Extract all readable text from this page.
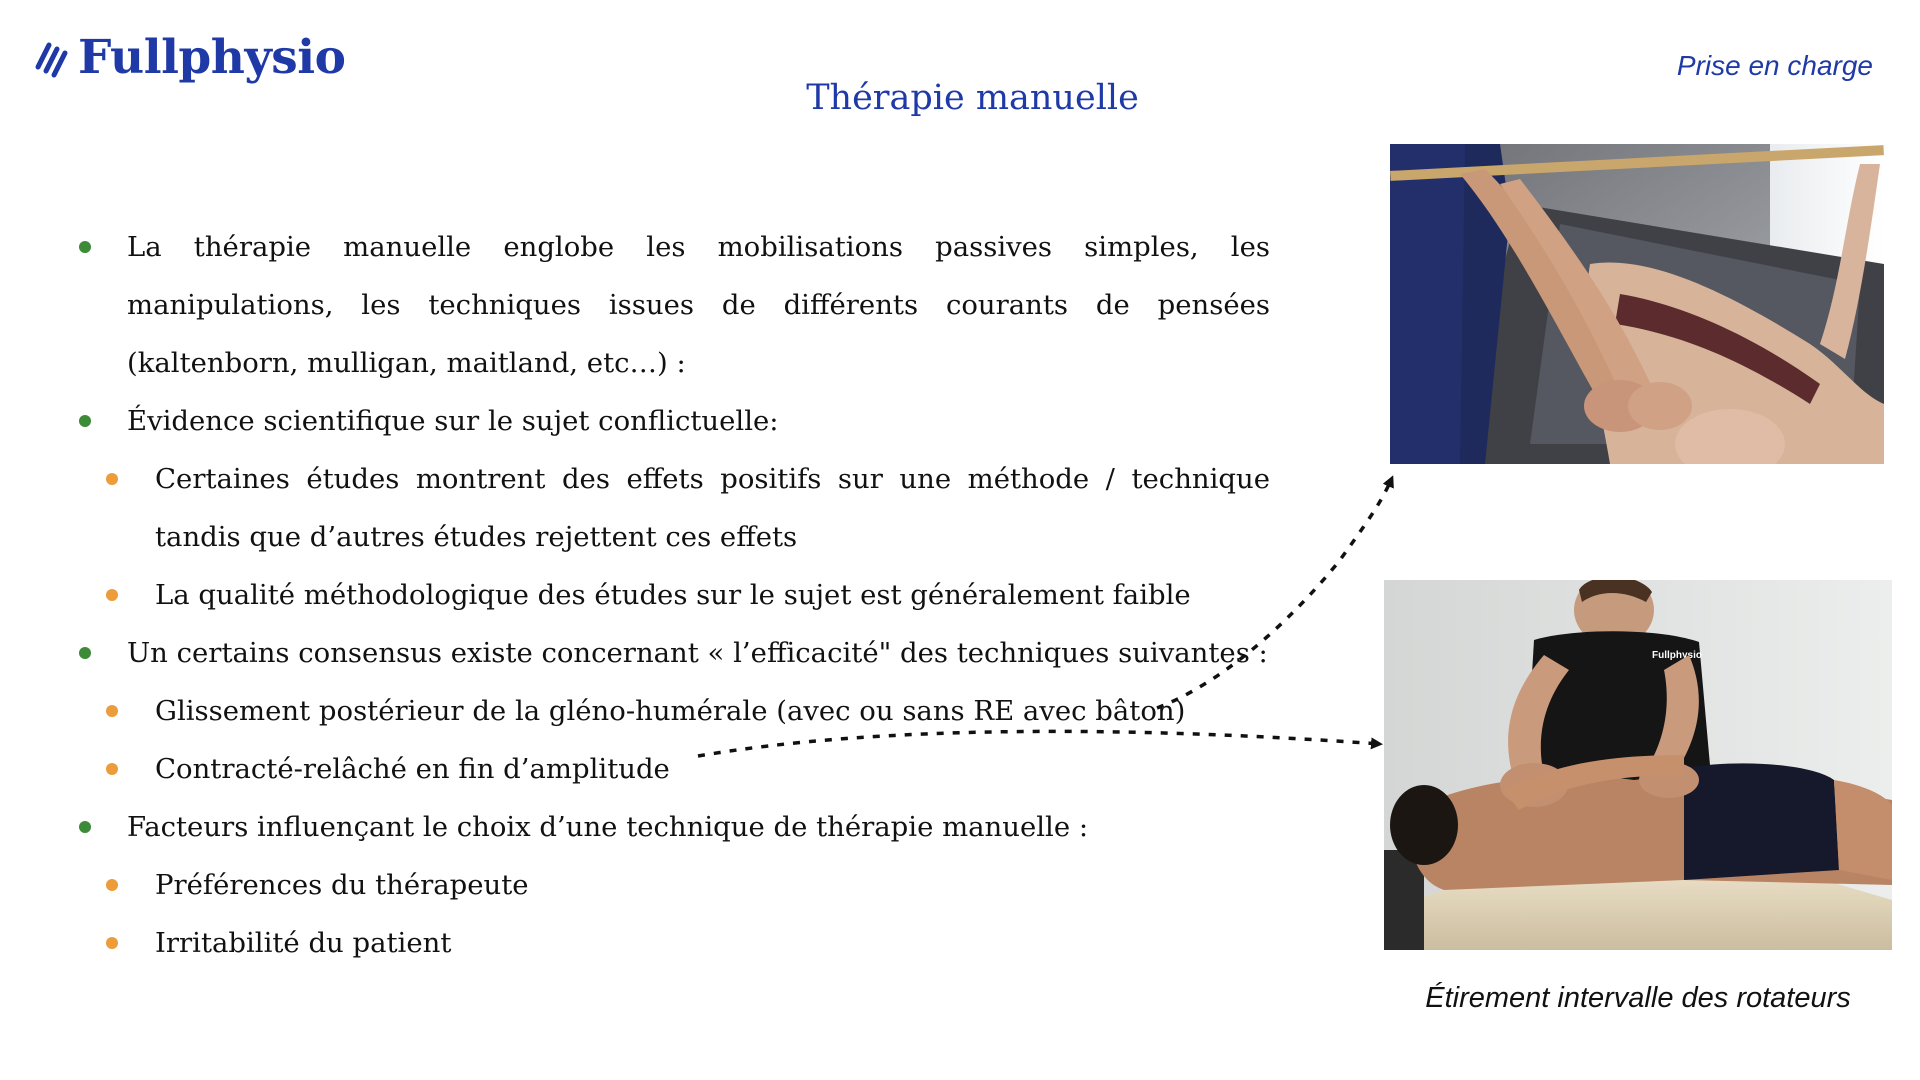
Fullphysio	Prise en charge
Thérapie manuelle
La thérapie manuelle englobe les mobilisations passives simples, les manipulations, les techniques issues de différents courants de pensées (kaltenborn, mulligan, maitland, etc…) :
Évidence scientifique sur le sujet conflictuelle:
Certaines études montrent des effets positifs sur une méthode / technique tandis que d’autres études rejettent ces effets
La qualité méthodologique des études sur le sujet est généralement faible
Un certains consensus existe concernant « l’efficacité" des techniques suivantes :
Glissement postérieur de la gléno-humérale (avec ou sans RE avec bâton)
Contracté-relâché en fin d’amplitude
Facteurs influençant le choix d’une technique de thérapie manuelle :
Préférences du thérapeute
Irritabilité du patient
Fullphysio
Étirement intervalle des rotateurs
